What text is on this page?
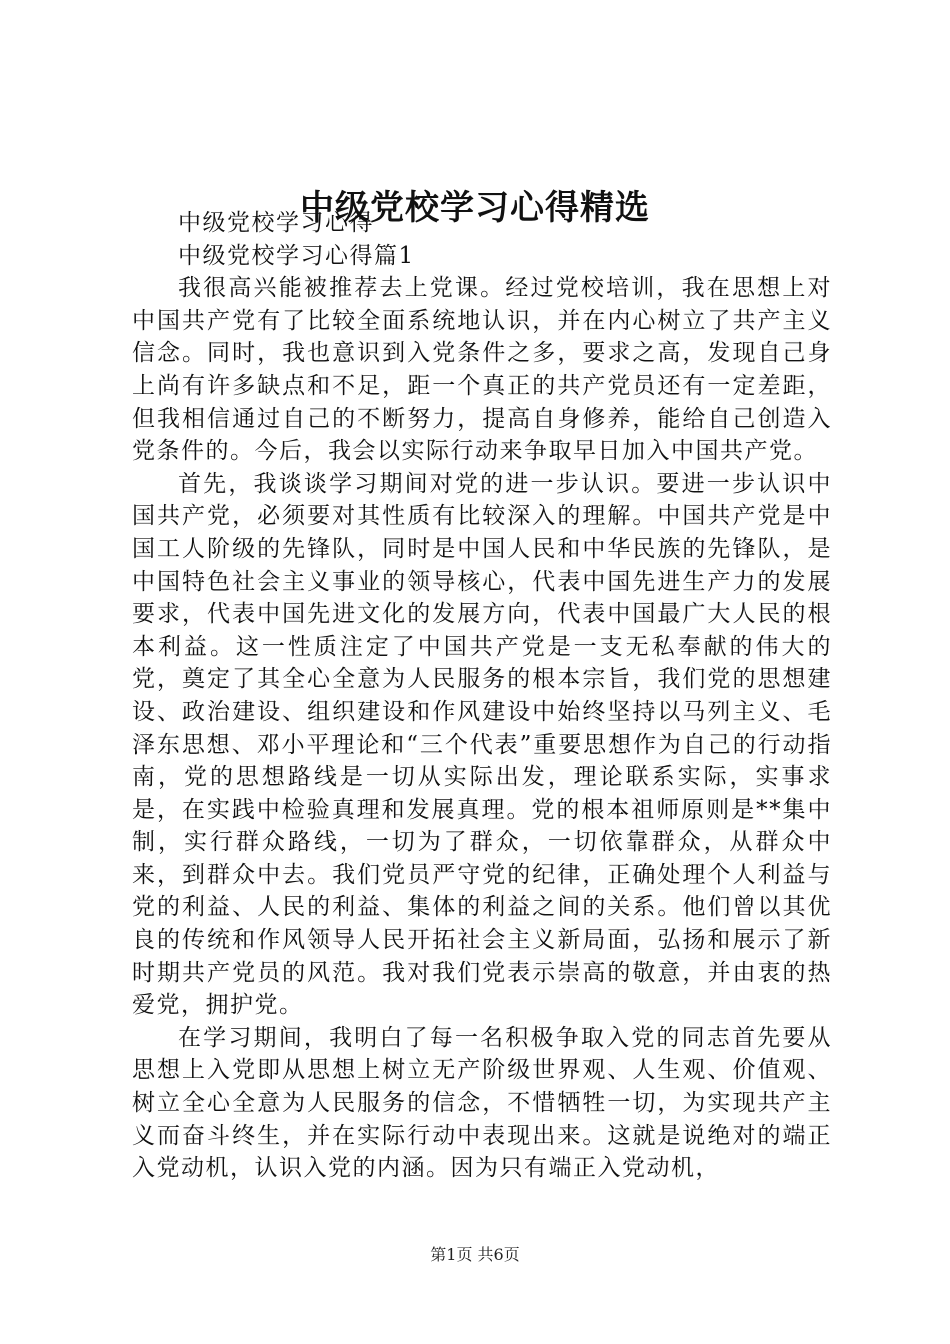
中级党校学习心得精选

中级党校学习心得

中级党校学习心得篇1

我很高兴能被推荐去上党课。经过党校培训，我在思想上对中国共产党有了比较全面系统地认识，并在内心树立了共产主义信念。同时，我也意识到入党条件之多，要求之高，发现自己身上尚有许多缺点和不足，距一个真正的共产党员还有一定差距，但我相信通过自己的不断努力，提高自身修养，能给自己创造入党条件的。今后，我会以实际行动来争取早日加入中国共产党。

首先，我谈谈学习期间对党的进一步认识。要进一步认识中国共产党，必须要对其性质有比较深入的理解。中国共产党是中国工人阶级的先锋队，同时是中国人民和中华民族的先锋队，是中国特色社会主义事业的领导核心，代表中国先进生产力的发展要求，代表中国先进文化的发展方向，代表中国最广大人民的根本利益。这一性质注定了中国共产党是一支无私奉献的伟大的党，奠定了其全心全意为人民服务的根本宗旨，我们党的思想建设、政治建设、组织建设和作风建设中始终坚持以马列主义、毛泽东思想、邓小平理论和“三个代表”重要思想作为自己的行动指南，党的思想路线是一切从实际出发，理论联系实际，实事求是，在实践中检验真理和发展真理。党的根本祖师原则是**集中制，实行群众路线，一切为了群众，一切依靠群众，从群众中来，到群众中去。我们党员严守党的纪律，正确处理个人利益与党的利益、人民的利益、集体的利益之间的关系。他们曾以其优良的传统和作风领导人民开拓社会主义新局面，弘扬和展示了新时期共产党员的风范。我对我们党表示崇高的敬意，并由衷的热爱党，拥护党。

在学习期间，我明白了每一名积极争取入党的同志首先要从思想上入党即从思想上树立无产阶级世界观、人生观、价值观、树立全心全意为人民服务的信念，不惜牺牲一切，为实现共产主义而奋斗终生，并在实际行动中表现出来。这就是说绝对的端正入党动机，认识入党的内涵。因为只有端正入党动机，

第1页 共6页
